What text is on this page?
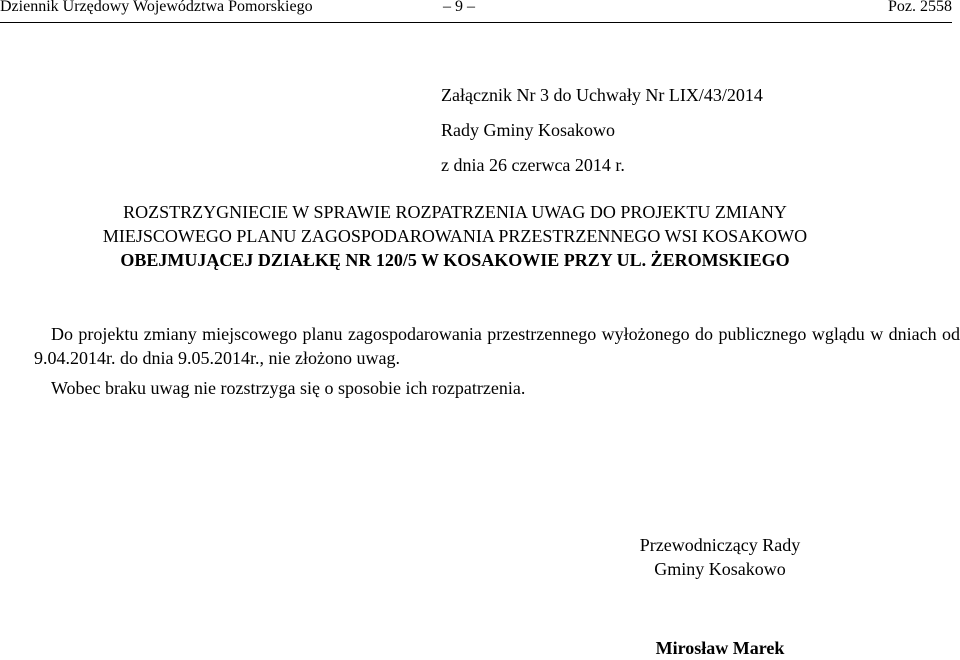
Dziennik Urzędowy Województwa Pomorskiego	– 9 –	Poz. 2558
Załącznik Nr 3 do Uchwały Nr LIX/43/2014
Rady Gminy Kosakowo
z dnia 26 czerwca 2014 r.
ROZSTRZYGNIECIE W SPRAWIE ROZPATRZENIA UWAG DO PROJEKTU ZMIANY
MIEJSCOWEGO PLANU ZAGOSPODAROWANIA PRZESTRZENNEGO WSI KOSAKOWO
OBEJMUJĄCEJ DZIAŁKĘ NR 120/5 W KOSAKOWIE PRZY UL. ŻEROMSKIEGO

Do projektu zmiany miejscowego planu zagospodarowania przestrzennego wyłożonego do publicznego wglądu w dniach od 9.04.2014r. do dnia 9.05.2014r., nie złożono uwag.

Wobec braku uwag nie rozstrzyga się o sposobie ich rozpatrzenia.

Przewodniczący Rady
Gminy Kosakowo
Mirosław Marek
